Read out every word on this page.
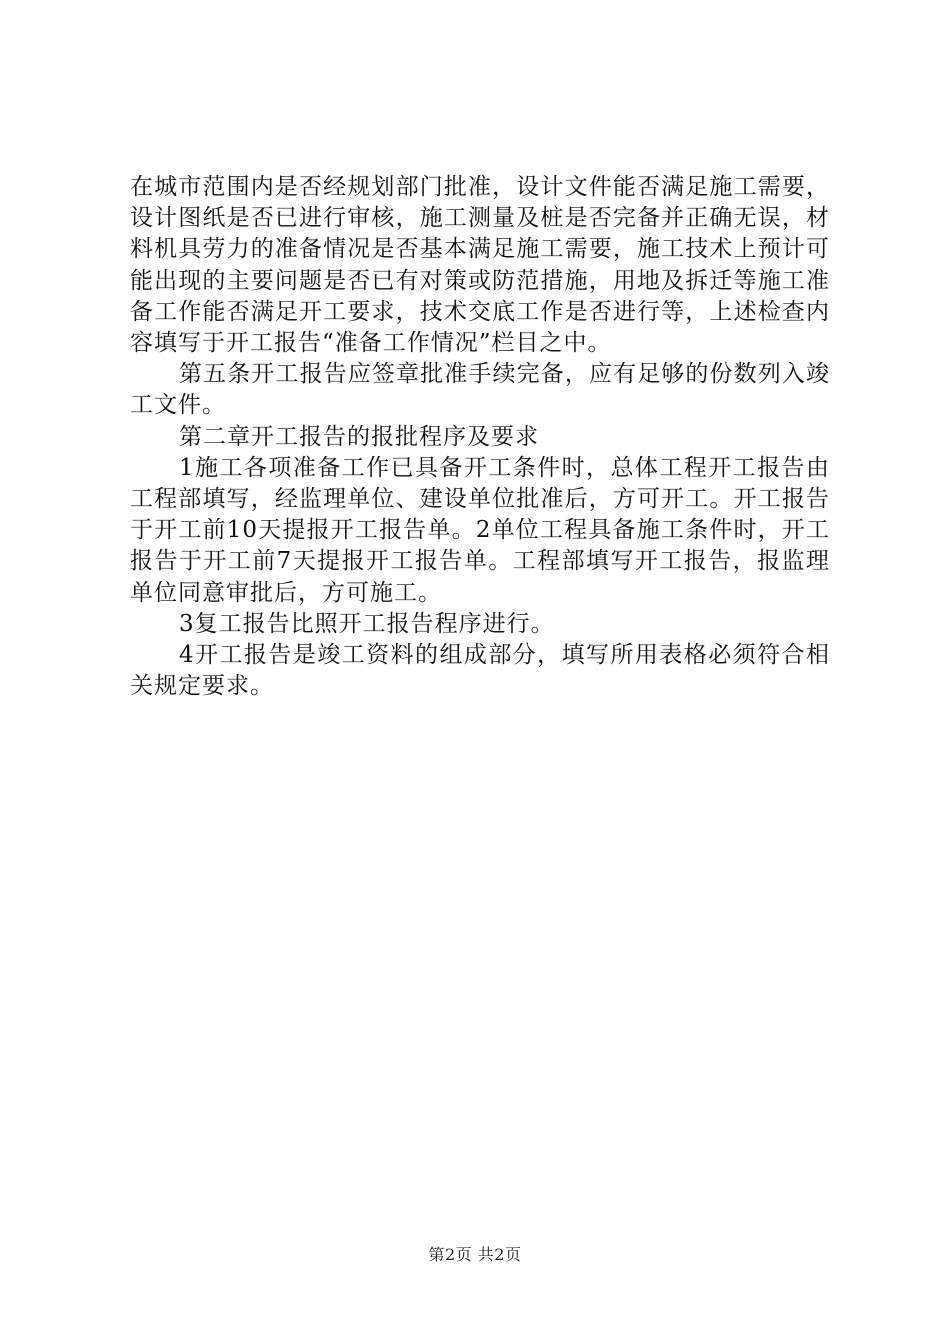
在城市范围内是否经规划部门批准，设计文件能否满足施工需要，设计图纸是否已进行审核，施工测量及桩是否完备并正确无误，材料机具劳力的准备情况是否基本满足施工需要，施工技术上预计可能出现的主要问题是否已有对策或防范措施，用地及拆迁等施工准备工作能否满足开工要求，技术交底工作是否进行等，上述检查内容填写于开工报告“准备工作情况”栏目之中。

第五条开工报告应签章批准手续完备，应有足够的份数列入竣工文件。

第二章开工报告的报批程序及要求

1施工各项准备工作已具备开工条件时，总体工程开工报告由工程部填写，经监理单位、建设单位批准后，方可开工。开工报告于开工前10天提报开工报告单。2单位工程具备施工条件时，开工报告于开工前7天提报开工报告单。工程部填写开工报告，报监理单位同意审批后，方可施工。

3复工报告比照开工报告程序进行。

4开工报告是竣工资料的组成部分，填写所用表格必须符合相关规定要求。

第2页 共2页
